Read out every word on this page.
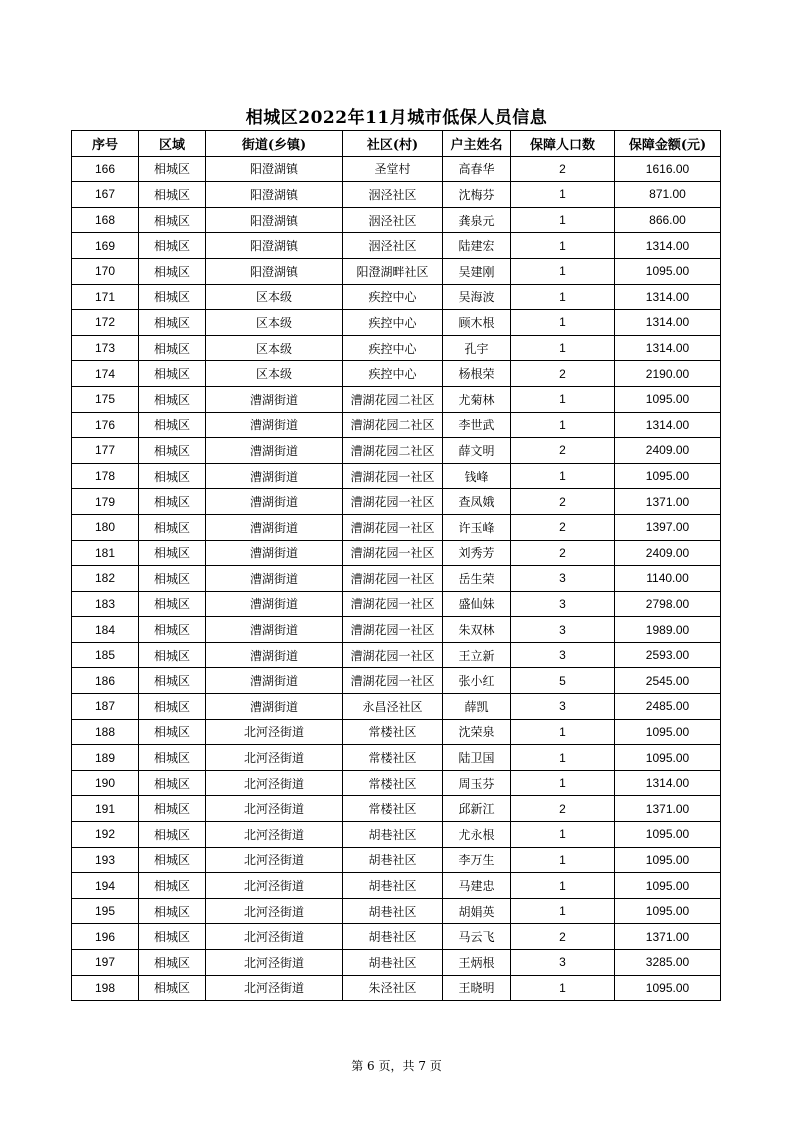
相城区2022年11月城市低保人员信息
序号	区域	街道(乡镇)	社区(村)	户主姓名	保障人口数	保障金额(元)
166	相城区	阳澄湖镇	圣堂村	高春华	2	1616.00
167	相城区	阳澄湖镇	洇泾社区	沈梅芬	1	871.00
168	相城区	阳澄湖镇	洇泾社区	龚泉元	1	866.00
169	相城区	阳澄湖镇	洇泾社区	陆建宏	1	1314.00
170	相城区	阳澄湖镇	阳澄湖畔社区	吴建刚	1	1095.00
171	相城区	区本级	疾控中心	吴海波	1	1314.00
172	相城区	区本级	疾控中心	顾木根	1	1314.00
173	相城区	区本级	疾控中心	孔宇	1	1314.00
174	相城区	区本级	疾控中心	杨根荣	2	2190.00
175	相城区	漕湖街道	漕湖花园二社区	尤菊林	1	1095.00
176	相城区	漕湖街道	漕湖花园二社区	李世武	1	1314.00
177	相城区	漕湖街道	漕湖花园二社区	薛文明	2	2409.00
178	相城区	漕湖街道	漕湖花园一社区	钱峰	1	1095.00
179	相城区	漕湖街道	漕湖花园一社区	查凤娥	2	1371.00
180	相城区	漕湖街道	漕湖花园一社区	许玉峰	2	1397.00
181	相城区	漕湖街道	漕湖花园一社区	刘秀芳	2	2409.00
182	相城区	漕湖街道	漕湖花园一社区	岳生荣	3	1140.00
183	相城区	漕湖街道	漕湖花园一社区	盛仙妹	3	2798.00
184	相城区	漕湖街道	漕湖花园一社区	朱双林	3	1989.00
185	相城区	漕湖街道	漕湖花园一社区	王立新	3	2593.00
186	相城区	漕湖街道	漕湖花园一社区	张小红	5	2545.00
187	相城区	漕湖街道	永昌泾社区	薛凯	3	2485.00
188	相城区	北河泾街道	常楼社区	沈荣泉	1	1095.00
189	相城区	北河泾街道	常楼社区	陆卫国	1	1095.00
190	相城区	北河泾街道	常楼社区	周玉芬	1	1314.00
191	相城区	北河泾街道	常楼社区	邱新江	2	1371.00
192	相城区	北河泾街道	胡巷社区	尤永根	1	1095.00
193	相城区	北河泾街道	胡巷社区	李万生	1	1095.00
194	相城区	北河泾街道	胡巷社区	马建忠	1	1095.00
195	相城区	北河泾街道	胡巷社区	胡娟英	1	1095.00
196	相城区	北河泾街道	胡巷社区	马云飞	2	1371.00
197	相城区	北河泾街道	胡巷社区	王炳根	3	3285.00
198	相城区	北河泾街道	朱泾社区	王晓明	1	1095.00
第 6 页，共 7 页
